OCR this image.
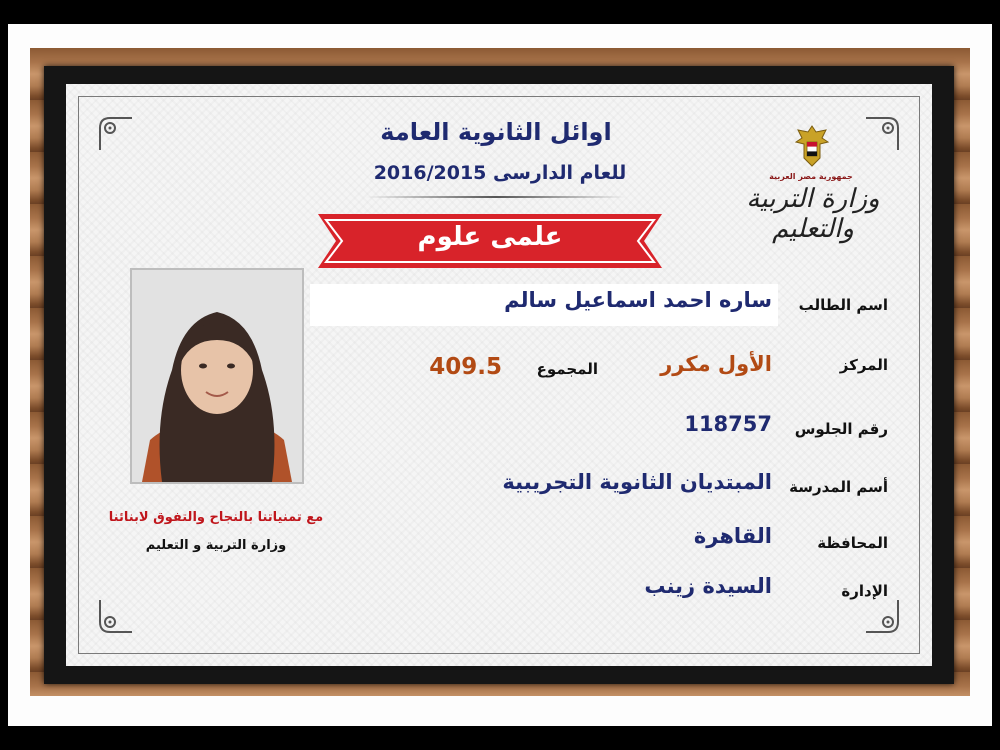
اوائل الثانوية العامة
للعام الدارسى 2016/2015	جمهورية مصر العربية
وزارة التربية والتعليم
علمى علوم
مع تمنياتنا بالنجاح والتفوق لابنائنا
وزارة التربية و التعليم
اسم الطالب
ساره احمد اسماعيل سالم
المركز
الأول مكرر
المجموع
409.5
رقم الجلوس
118757
أسم المدرسة
المبتديان الثانوية التجريبية
المحافظة
القاهرة
الإدارة
السيدة زينب
